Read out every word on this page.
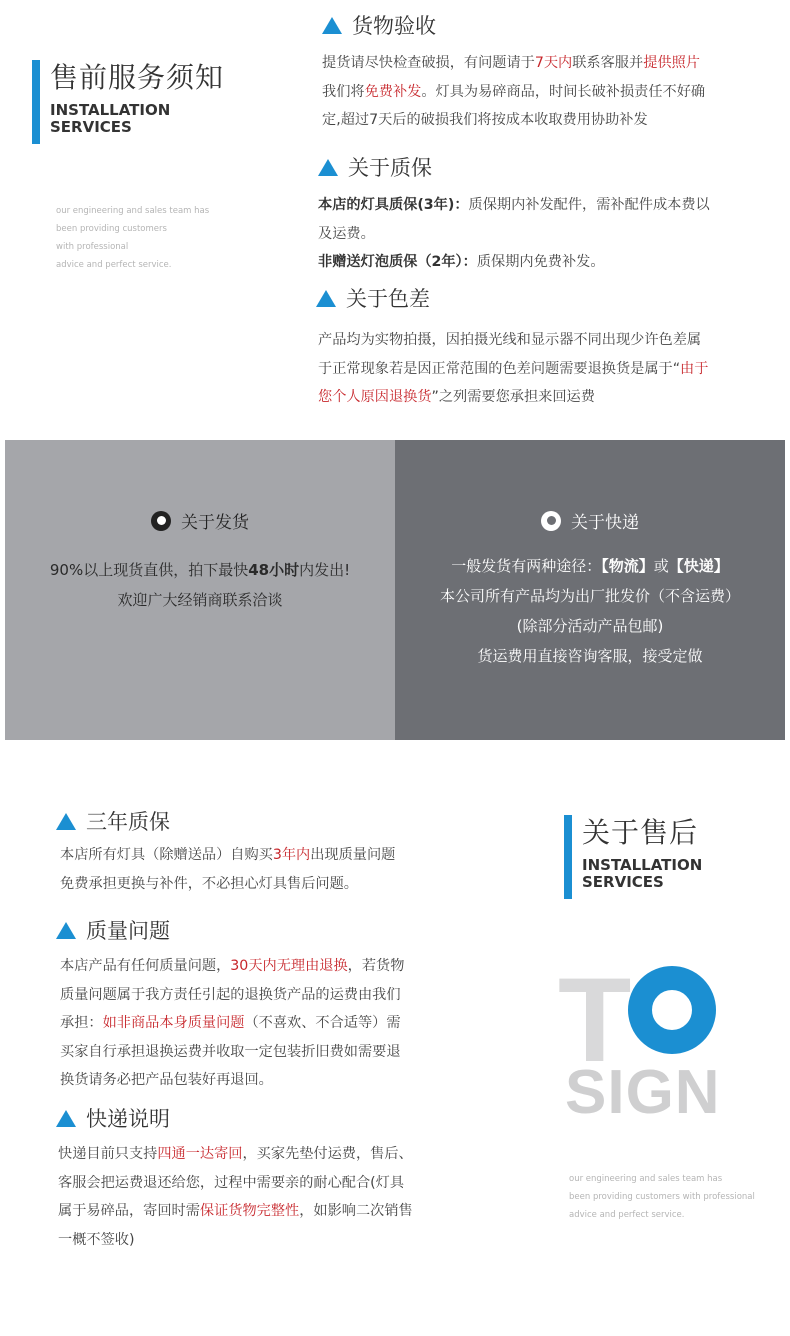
售前服务须知
INSTALLATION
SERVICES
our engineering and sales team has
been providing customers
with professional
advice and perfect service.
货物验收
提货请尽快检查破损，有问题请于7天内联系客服并提供照片
我们将免费补发。灯具为易碎商品，时间长破补损责任不好确
定,超过7天后的破损我们将按成本收取费用协助补发
关于质保
本店的灯具质保(3年)：质保期内补发配件，需补配件成本费以
及运费。
非赠送灯泡质保（2年）：质保期内免费补发。
关于色差
产品均为实物拍摄，因拍摄光线和显示器不同出现少许色差属
于正常现象若是因正常范围的色差问题需要退换货是属于“由于
您个人原因退换货”之列需要您承担来回运费
关于发货
90%以上现货直供，拍下最快48小时内发出!
欢迎广大经销商联系洽谈
关于快递
一般发货有两种途径：【物流】或【快递】
本公司所有产品均为出厂批发价（不含运费）
(除部分活动产品包邮)
货运费用直接咨询客服，接受定做
三年质保
本店所有灯具（除赠送品）自购买3年内出现质量问题
免费承担更换与补件，不必担心灯具售后问题。
质量问题
本店产品有任何质量问题，30天内无理由退换，若货物
质量问题属于我方责任引起的退换货产品的运费由我们
承担：如非商品本身质量问题（不喜欢、不合适等）需
买家自行承担退换运费并收取一定包装折旧费如需要退
换货请务必把产品包装好再退回。
快递说明
快递目前只支持四通一达寄回，买家先垫付运费，售后、
客服会把运费退还给您，过程中需要亲的耐心配合(灯具
属于易碎品，寄回时需保证货物完整性，如影响二次销售
一概不签收)
关于售后
INSTALLATION
SERVICES
T
SIGN
our engineering and sales team has
been providing customers with professional
advice and perfect service.
